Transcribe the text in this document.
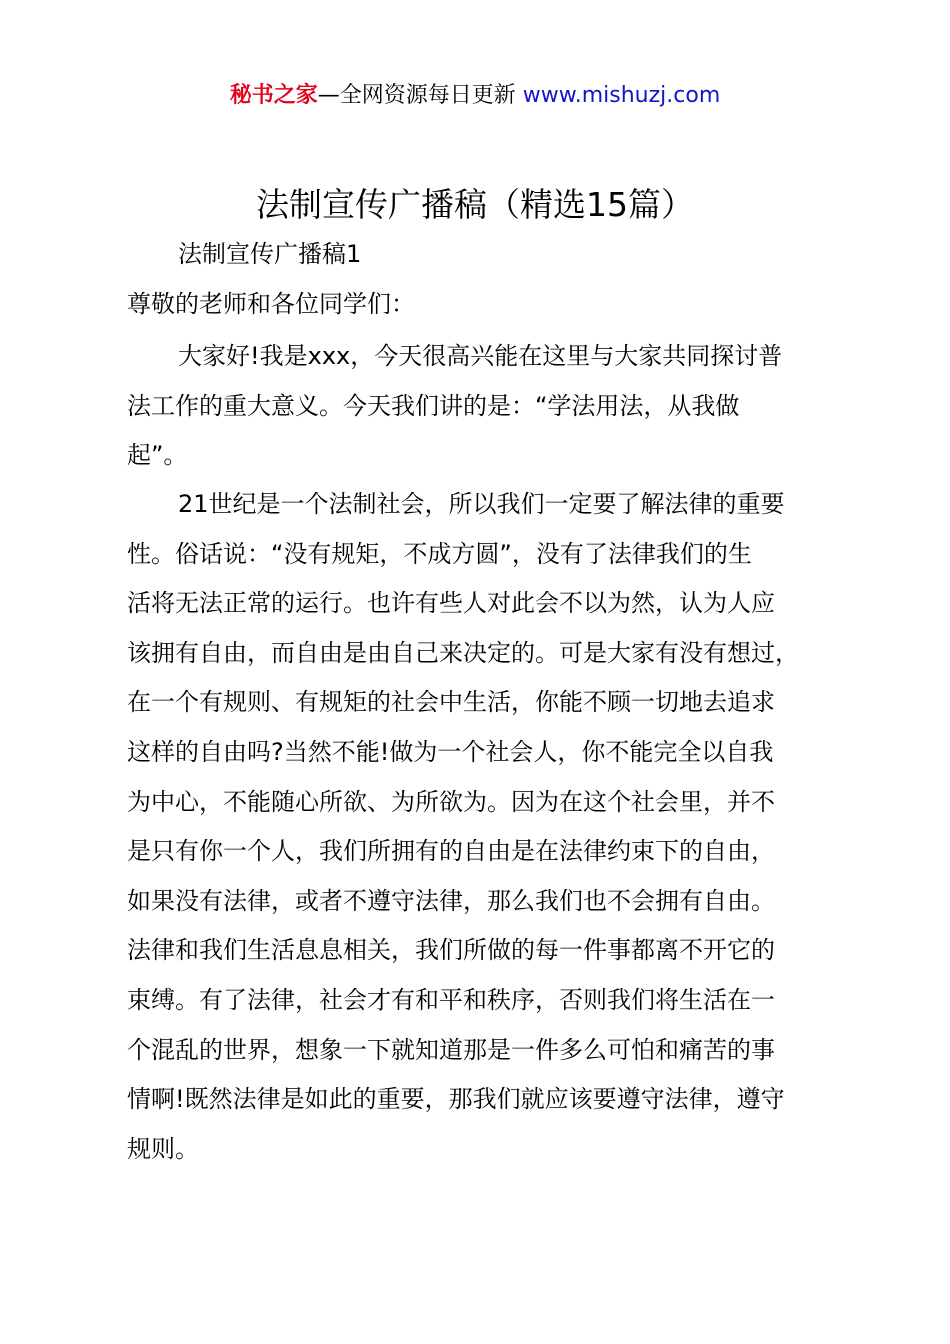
秘书之家—全网资源每日更新 www.mishuzj.com
法制宣传广播稿（精选15篇）
法制宣传广播稿1
尊敬的老师和各位同学们：
大家好!我是xxx，今天很高兴能在这里与大家共同探讨普
法工作的重大意义。今天我们讲的是：“学法用法，从我做
起”。
21世纪是一个法制社会，所以我们一定要了解法律的重要
性。俗话说：“没有规矩，不成方圆”，没有了法律我们的生
活将无法正常的运行。也许有些人对此会不以为然，认为人应
该拥有自由，而自由是由自己来决定的。可是大家有没有想过，
在一个有规则、有规矩的社会中生活，你能不顾一切地去追求
这样的自由吗?当然不能!做为一个社会人，你不能完全以自我
为中心，不能随心所欲、为所欲为。因为在这个社会里，并不
是只有你一个人，我们所拥有的自由是在法律约束下的自由，
如果没有法律，或者不遵守法律，那么我们也不会拥有自由。
法律和我们生活息息相关，我们所做的每一件事都离不开它的
束缚。有了法律，社会才有和平和秩序，否则我们将生活在一
个混乱的世界，想象一下就知道那是一件多么可怕和痛苦的事
情啊!既然法律是如此的重要，那我们就应该要遵守法律，遵守
规则。
